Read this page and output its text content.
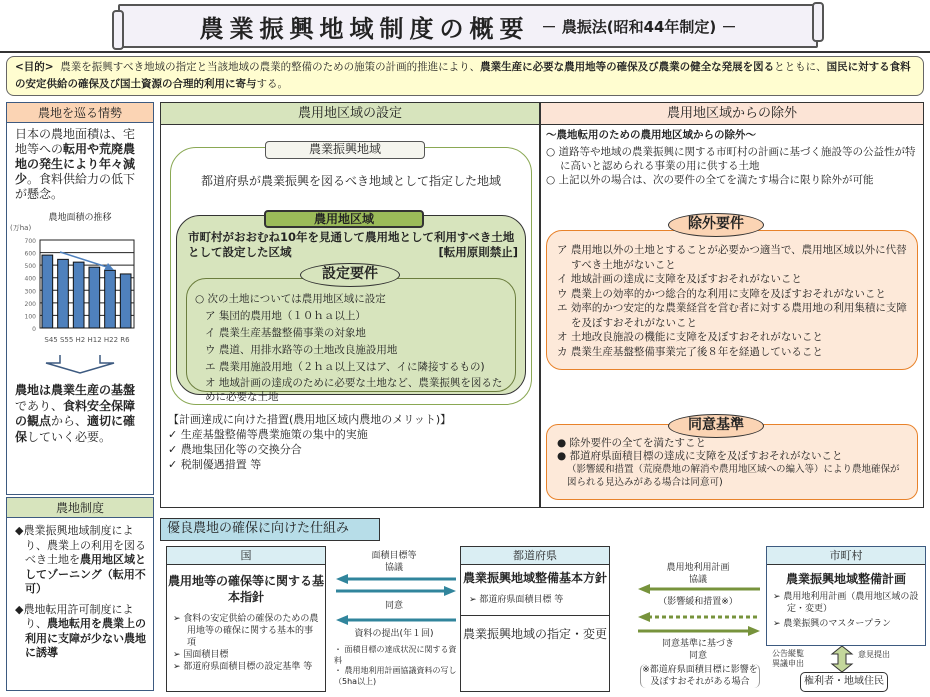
農業振興地域制度の概要 － 農振法(昭和44年制定) －
<目的> 農業を振興すべき地域の指定と当該地域の農業的整備のための施策の計画的推進により、農業生産に必要な農用地等の確保及び農業の健全な発展を図るとともに、国民に対する食料の安定供給の確保及び国土資源の合理的利用に寄与する。
農地を巡る情勢
日本の農地面積は、宅地等への転用や荒廃農地の発生により年々減少。食料供給力の低下が懸念。
農地は農業生産の基盤であり、食料安全保障の観点から、適切に確保していく必要。
農地面積の推移
(万ha)
0
100
200
300
400
500
600
700
S45 S55 H2 H12 H22 R6
農地制度

◆農業振興地域制度により、農業上の利用を図るべき土地を農用地区域としてゾーニング（転用不可）

◆農地転用許可制度により、農地転用を農業上の利用に支障が少ない農地に誘導

農用地区域の設定
農業振興地域
都道府県が農業振興を図るべき地域として指定した地域
農用地区域
市町村がおおむね10年を見通して農用地として利用すべき土地として設定した区域	[転用原則禁止]
○ 次の土地については農用地区域に設定
ア 集団的農用地（１０ｈａ以上）
イ 農業生産基盤整備事業の対象地
ウ 農道、用排水路等の土地改良施設用地
エ 農業用施設用地（２ｈａ以上又はア、イに隣接するもの)
オ 地域計画の達成のために必要な土地など、農業振興を図るために必要な土地
設定要件
【計画達成に向けた措置(農用地区域内農地のメリット)】
✓ 生産基盤整備等農業施策の集中的実施
✓ 農地集団化等の交換分合
✓ 税制優遇措置 等
農用地区域からの除外
～農地転用のための農用地区域からの除外～
○ 道路等や地域の農業振興に関する市町村の計画に基づく施設等の公益性が特に高いと認められる事業の用に供する土地
○ 上記以外の場合は、次の要件の全てを満たす場合に限り除外が可能
ア 農用地以外の土地とすることが必要かつ適当で、農用地区域以外に代替すべき土地がないこと
イ 地域計画の達成に支障を及ぼすおそれがないこと
ウ 農業上の効率的かつ総合的な利用に支障を及ぼすおそれがないこと
エ 効率的かつ安定的な農業経営を営む者に対する農用地の利用集積に支障を及ぼすおそれがないこと
オ 土地改良施設の機能に支障を及ぼすおそれがないこと
カ 農業生産基盤整備事業完了後８年を経過していること
除外要件
● 除外要件の全てを満たすこと
● 都道府県面積目標の達成に支障を及ぼすおそれがないこと
（影響緩和措置（荒廃農地の解消や農用地区域への編入等）により農地確保が図られる見込みがある場合は同意可)
同意基準
優良農地の確保に向けた仕組み
国
農用地等の確保等に関する基本指針

➢ 食料の安定供給の確保のための農用地等の確保に関する基本的事項

➢ 国面積目標

➢ 都道府県面積目標の設定基準 等

面積目標等
協議
同意
資料の提出(年１回)
・ 面積目標の達成状況に関する資料
・ 農用地利用計画協議資料の写し（5ha以上)
都道府県
農業振興地域整備基本方針
➢ 都道府県面積目標 等
農業振興地域の指定・変更
農用地利用計画
協議
（影響緩和措置※）
同意基準に基づき
同意
※都道府県面積目標に影響を及ぼすおそれがある場合
市町村
農業振興地域整備計画

➢ 農用地利用計画（農用地区域の設定・変更）

➢ 農業振興のマスタープラン

公告縦覧
異議申出
意見提出
権利者・地域住民
